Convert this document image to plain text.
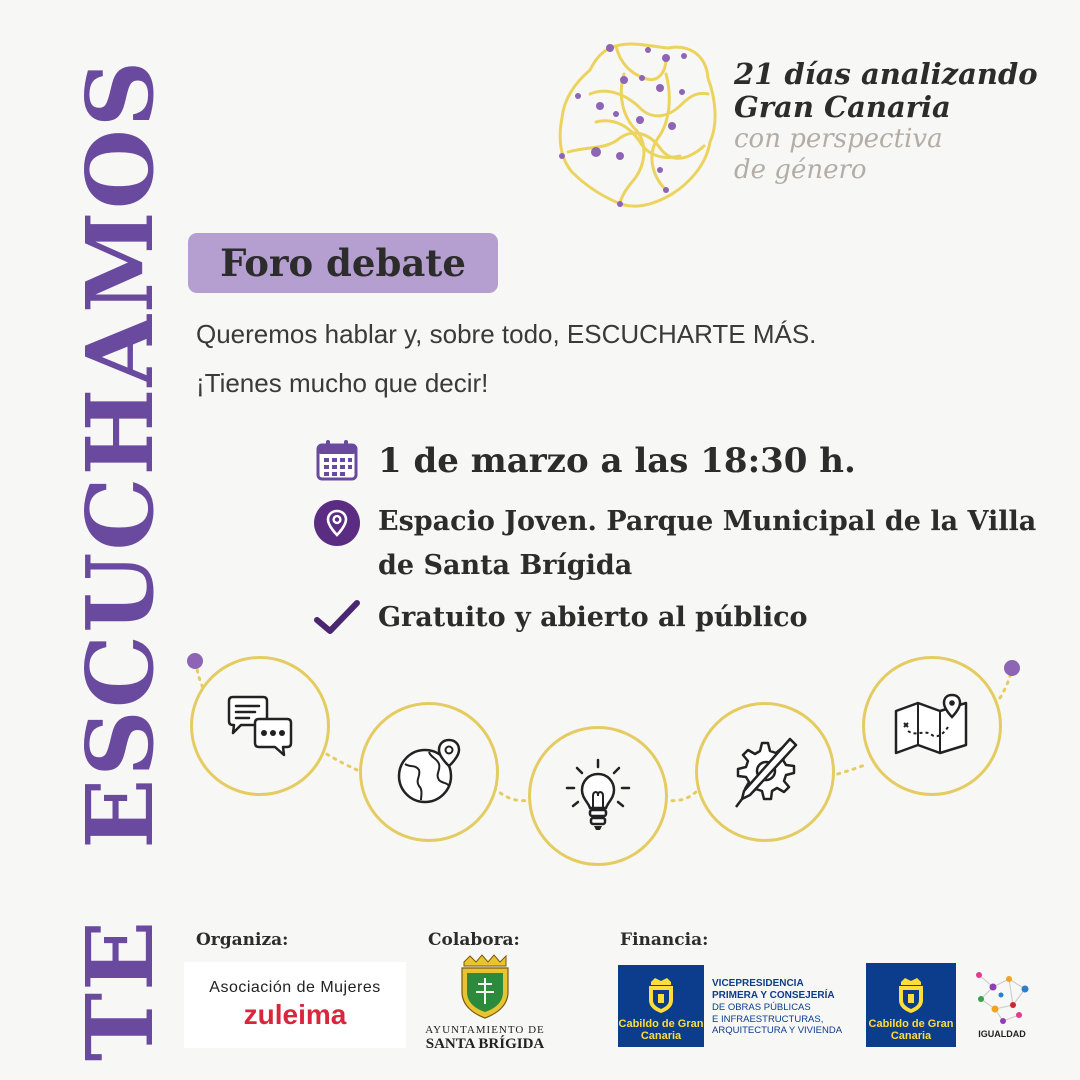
TE
ESCUCHAMOS	21 días analizando
Gran Canaria
con perspectiva
de género
Foro debate
Queremos hablar y, sobre todo, ESCUCHARTE MÁS.
¡Tienes mucho que decir!
1 de marzo a las 18:30 h.
Espacio Joven. Parque Municipal de la Villa de Santa Brígida
Gratuito y abierto al público
Organiza:	Colabora:	Financia:
Asociación de Mujeres
zuleima	AYUNTAMIENTO DE
SANTA BRÍGIDA
Cabildo de Gran Canaria
VICEPRESIDENCIA
PRIMERA Y CONSEJERÍA
DE OBRAS PÚBLICAS
E INFRAESTRUCTURAS,
ARQUITECTURA Y VIVIENDA
Cabildo de Gran Canaria	IGUALDAD
